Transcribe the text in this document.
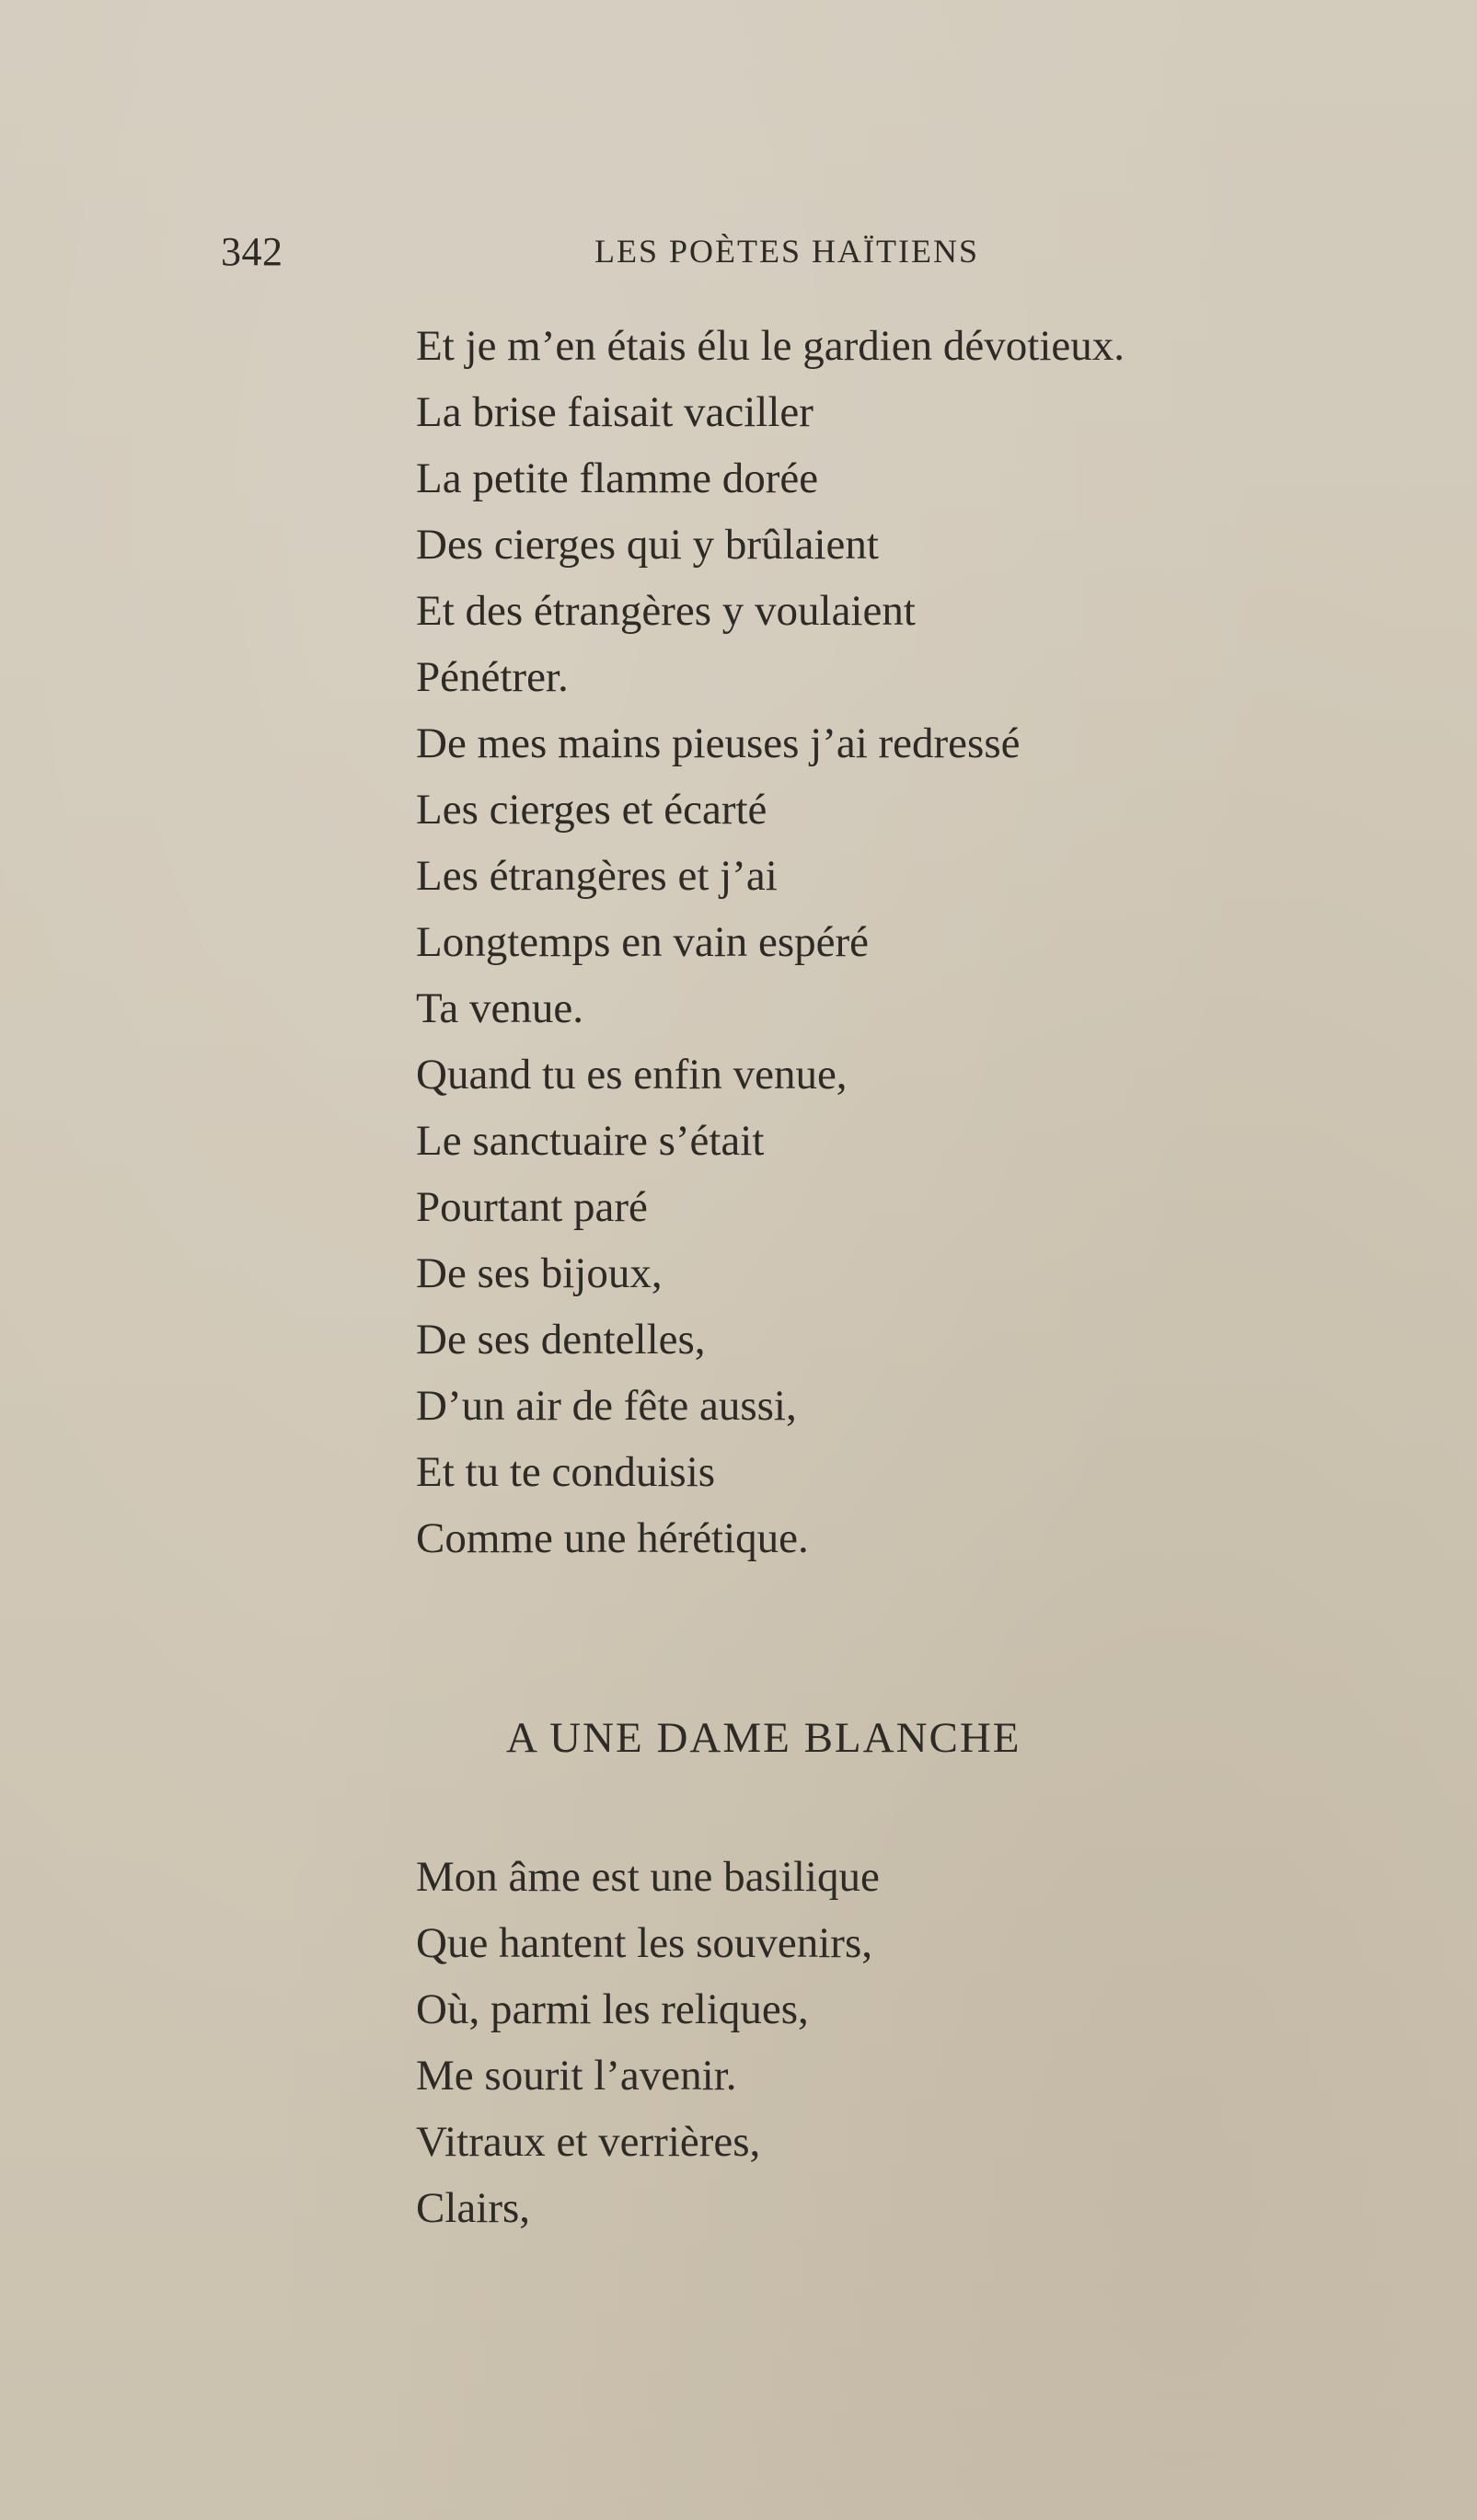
342	LES POÈTES HAÏTIENS
Et je m’en étais élu le gardien dévotieux.
La brise faisait vaciller
La petite flamme dorée
Des cierges qui y brûlaient
Et des étrangères y voulaient
Pénétrer.
De mes mains pieuses j’ai redressé
Les cierges et écarté
Les étrangères et j’ai
Longtemps en vain espéré
Ta venue.
Quand tu es enfin venue,
Le sanctuaire s’était
Pourtant paré
De ses bijoux,
De ses dentelles,
D’un air de fête aussi,
Et tu te conduisis
Comme une hérétique.
A UNE DAME BLANCHE
Mon âme est une basilique
Que hantent les souvenirs,
Où, parmi les reliques,
Me sourit l’avenir.
Vitraux et verrières,
Clairs,
